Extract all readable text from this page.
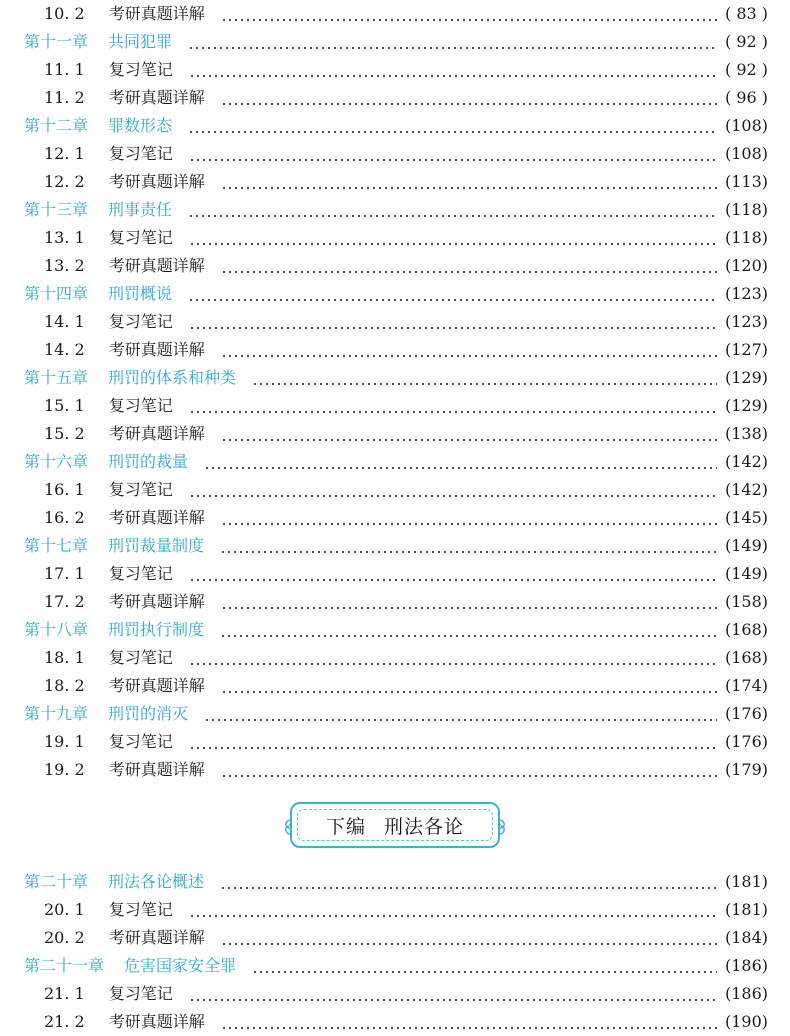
10. 2 考研真题详解	( 83 )
第十一章 共同犯罪	( 92 )
11. 1 复习笔记	( 92 )
11. 2 考研真题详解	( 96 )
第十二章 罪数形态	(108)
12. 1 复习笔记	(108)
12. 2 考研真题详解	(113)
第十三章 刑事责任	(118)
13. 1 复习笔记	(118)
13. 2 考研真题详解	(120)
第十四章 刑罚概说	(123)
14. 1 复习笔记	(123)
14. 2 考研真题详解	(127)
第十五章 刑罚的体系和种类	(129)
15. 1 复习笔记	(129)
15. 2 考研真题详解	(138)
第十六章 刑罚的裁量	(142)
16. 1 复习笔记	(142)
16. 2 考研真题详解	(145)
第十七章 刑罚裁量制度	(149)
17. 1 复习笔记	(149)
17. 2 考研真题详解	(158)
第十八章 刑罚执行制度	(168)
18. 1 复习笔记	(168)
18. 2 考研真题详解	(174)
第十九章 刑罚的消灭	(176)
19. 1 复习笔记	(176)
19. 2 考研真题详解	(179)
下编 刑法各论
第二十章 刑法各论概述	(181)
20. 1 复习笔记	(181)
20. 2 考研真题详解	(184)
第二十一章 危害国家安全罪	(186)
21. 1 复习笔记	(186)
21. 2 考研真题详解	(190)
